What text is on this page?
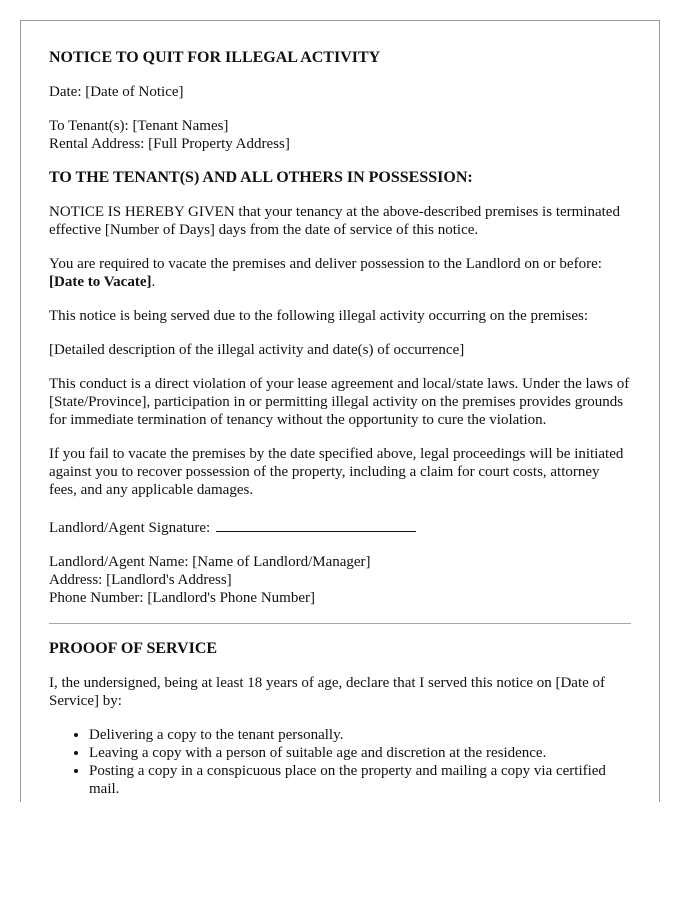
NOTICE TO QUIT FOR ILLEGAL ACTIVITY

Date: [Date of Notice]

To Tenant(s): [Tenant Names]
Rental Address: [Full Property Address]

TO THE TENANT(S) AND ALL OTHERS IN POSSESSION:

NOTICE IS HEREBY GIVEN that your tenancy at the above-described premises is terminated effective [Number of Days] days from the date of service of this notice.

You are required to vacate the premises and deliver possession to the Landlord on or before: [Date to Vacate].

This notice is being served due to the following illegal activity occurring on the premises:

[Detailed description of the illegal activity and date(s) of occurrence]

This conduct is a direct violation of your lease agreement and local/state laws. Under the laws of [State/Province], participation in or permitting illegal activity on the premises provides grounds for immediate termination of tenancy without the opportunity to cure the violation.

If you fail to vacate the premises by the date specified above, legal proceedings will be initiated against you to recover possession of the property, including a claim for court costs, attorney fees, and any applicable damages.

Landlord/Agent Signature:

Landlord/Agent Name: [Name of Landlord/Manager]
Address: [Landlord's Address]
Phone Number: [Landlord's Phone Number]

PROOOF OF SERVICE

I, the undersigned, being at least 18 years of age, declare that I served this notice on [Date of Service] by:

• Delivering a copy to the tenant personally.
• Leaving a copy with a person of suitable age and discretion at the residence.
• Posting a copy in a conspicuous place on the property and mailing a copy via certified mail.
